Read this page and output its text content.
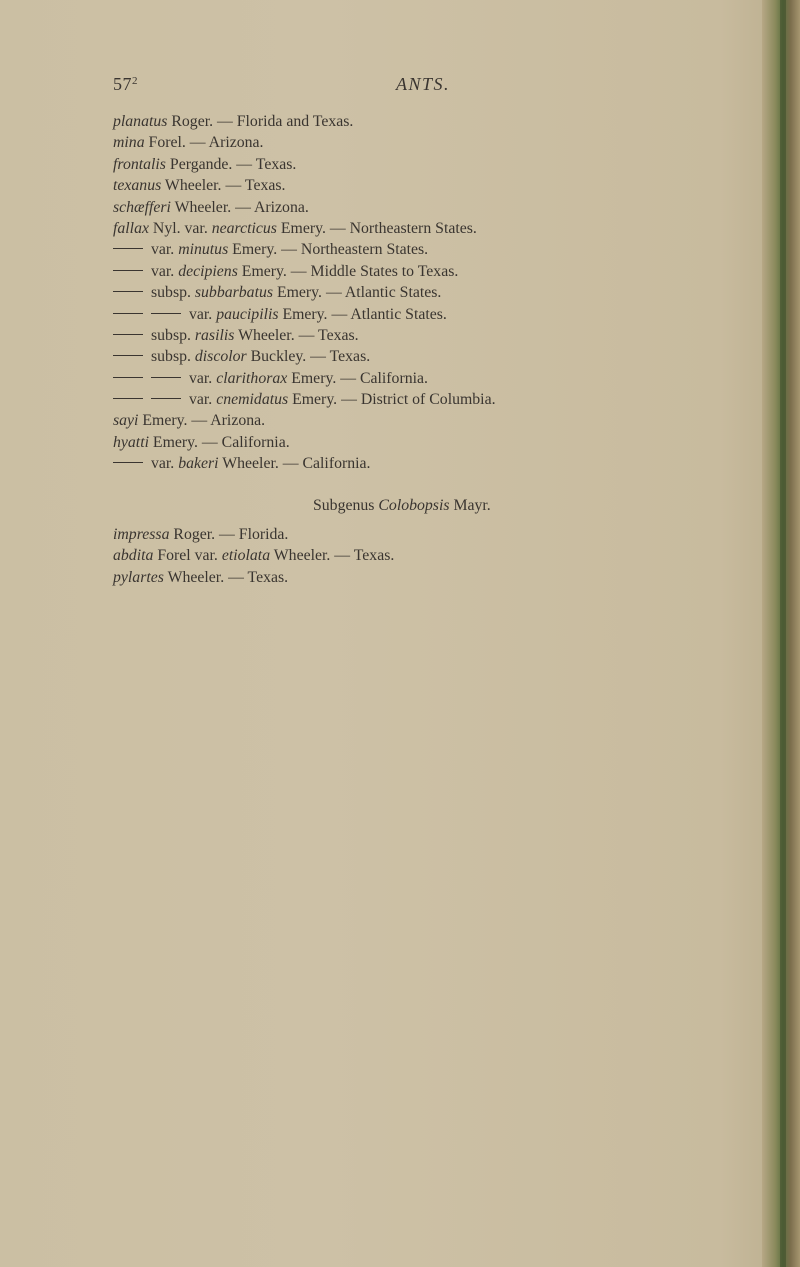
$57^2$	ANTS.
planatus Roger. — Florida and Texas.
mina Forel. — Arizona.
frontalis Pergande. — Texas.
texanus Wheeler. — Texas.
schæfferi Wheeler. — Arizona.
fallax Nyl. var. nearcticus Emery. — Northeastern States.
var. minutus Emery. — Northeastern States.
var. decipiens Emery. — Middle States to Texas.
subsp. subbarbatus Emery. — Atlantic States.
var. paucipilis Emery. — Atlantic States.
subsp. rasilis Wheeler. — Texas.
subsp. discolor Buckley. — Texas.
var. clarithorax Emery. — California.
var. cnemidatus Emery. — District of Columbia.
sayi Emery. — Arizona.
hyatti Emery. — California.
var. bakeri Wheeler. — California.
Subgenus Colobopsis Mayr.
impressa Roger. — Florida.
abdita Forel var. etiolata Wheeler. — Texas.
pylartes Wheeler. — Texas.
